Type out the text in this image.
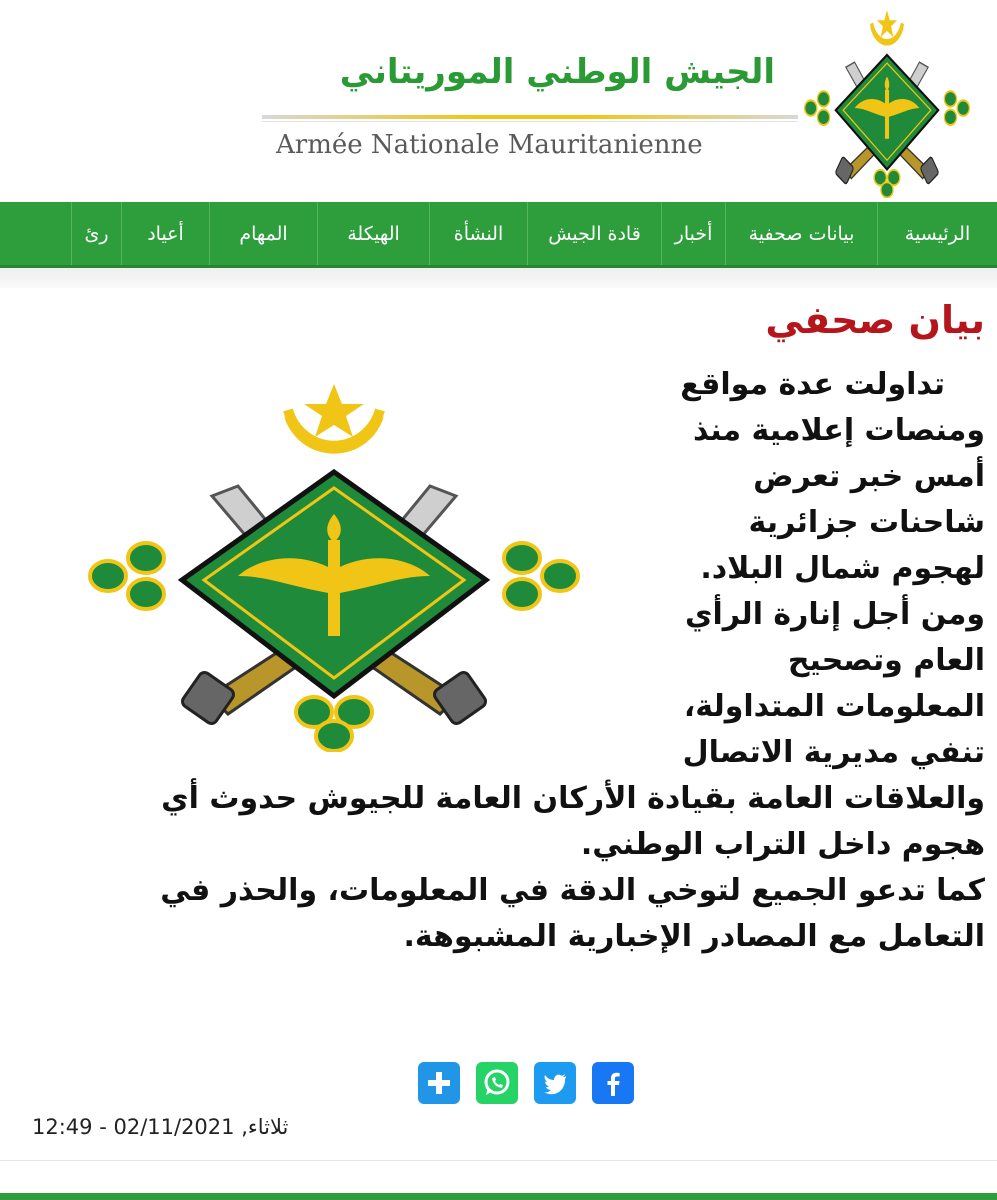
الجيش الوطني الموريتاني
Armée Nationale Mauritanienne
الرئيسية
بيانات صحفية
أخبار
قادة الجيش
النشأة
الهيكلة
المهام
أعياد
رئ
بيان صحفي
تداولت عدة مواقع
ومنصات إعلامية منذ
أمس خبر تعرض
شاحنات جزائرية
لهجوم شمال البلاد.
ومن أجل إنارة الرأي
العام وتصحيح
المعلومات المتداولة،
تنفي مديرية الاتصال
والعلاقات العامة بقيادة الأركان العامة للجيوش حدوث أي
هجوم داخل التراب الوطني.
كما تدعو الجميع لتوخي الدقة في المعلومات، والحذر في
التعامل مع المصادر الإخبارية المشبوهة.
ثلاثاء, 02/11/2021 - 12:49
